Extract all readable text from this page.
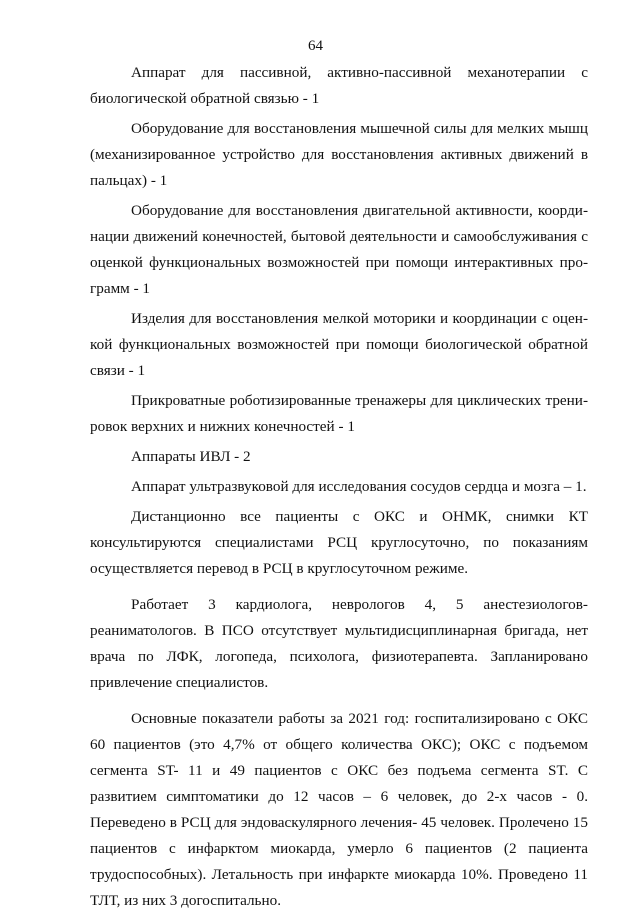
64

Аппарат для пассивной, активно-пассивной механотерапии с биологической обратной связью - 1

Оборудование для восстановления мышечной силы для мелких мышц (механизированное устройство для восстановления активных движений в пальцах) - 1

Оборудование для восстановления двигательной активности, координации движений конечностей, бытовой деятельности и самообслуживания с оценкой функциональных возможностей при помощи интерактивных программ - 1

Изделия для восстановления мелкой моторики и координации с оценкой функциональных возможностей при помощи биологической обратной связи - 1

Прикроватные роботизированные тренажеры для циклических тренировок верхних и нижних конечностей - 1

Аппараты ИВЛ - 2

Аппарат ультразвуковой для исследования сосудов сердца и мозга – 1.

Дистанционно все пациенты с ОКС и ОНМК, снимки КТ консультируются специалистами РСЦ круглосуточно, по показаниям осуществляется перевод в РСЦ в круглосуточном режиме.

Работает 3 кардиолога, неврологов 4, 5 анестезиологов-реаниматологов. В ПСО отсутствует мультидисциплинарная бригада, нет врача по ЛФК, логопеда, психолога, физиотерапевта. Запланировано привлечение специалистов.

Основные показатели работы за 2021 год: госпитализировано с ОКС 60 пациентов (это 4,7% от общего количества ОКС); ОКС с подъемом сегмента ST- 11 и 49 пациентов с ОКС без подъема сегмента ST. С развитием симптоматики до 12 часов – 6 человек, до 2-х часов - 0. Переведено в РСЦ для эндоваскулярного лечения- 45 человек. Пролечено 15 пациентов с инфарктом миокарда, умерло 6 пациентов (2 пациента трудоспособных). Летальность при инфаркте миокарда 10%. Проведено 11 ТЛТ, из них 3 догоспитально.
